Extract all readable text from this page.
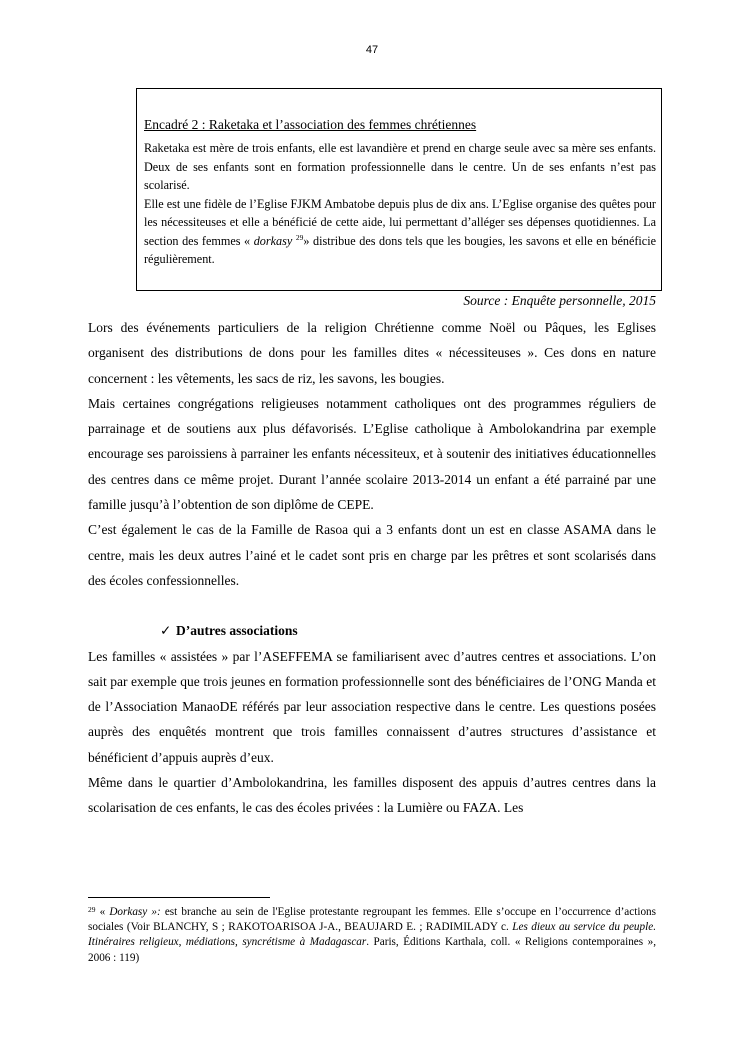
47
Encadré 2 : Raketaka et l’association des femmes chrétiennes

Raketaka est mère de trois enfants, elle est lavandière et prend en charge seule avec sa mère ses enfants. Deux de ses enfants sont en formation professionnelle dans le centre. Un de ses enfants n’est pas scolarisé.

Elle est une fidèle de l’Eglise FJKM Ambatobe depuis plus de dix ans. L’Eglise organise des quêtes pour les nécessiteuses et elle a bénéficié de cette aide, lui permettant d’alléger ses dépenses quotidiennes. La section des femmes « dorkasy $^{29}$» distribue des dons tels que les bougies, les savons et elle en bénéficie régulièrement.

Source : Enquête personnelle, 2015

Lors des événements particuliers de la religion Chrétienne comme Noël ou Pâques, les Eglises organisent des distributions de dons pour les familles dites « nécessiteuses ». Ces dons en nature concernent : les vêtements, les sacs de riz, les savons, les bougies.

Mais certaines congrégations religieuses notamment catholiques ont des programmes réguliers de parrainage et de soutiens aux plus défavorisés. L’Eglise catholique à Ambolokandrina par exemple encourage ses paroissiens à parrainer les enfants nécessiteux, et à soutenir des initiatives éducationnelles des centres dans ce même projet. Durant l’année scolaire 2013-2014 un enfant a été parrainé par une famille jusqu’à l’obtention de son diplôme de CEPE.

C’est également le cas de la Famille de Rasoa qui a 3 enfants dont un est en classe ASAMA dans le centre, mais les deux autres l’ainé et le cadet sont pris en charge par les prêtres et sont scolarisés dans des écoles confessionnelles.

✓ D’autres associations

Les familles « assistées » par l’ASEFFEMA se familiarisent avec d’autres centres et associations. L’on sait par exemple que trois jeunes en formation professionnelle sont des bénéficiaires de l’ONG Manda et de l’Association ManaoDE référés par leur association respective dans le centre. Les questions posées auprès des enquêtés montrent que trois familles connaissent d’autres structures d’assistance et bénéficient d’appuis auprès d’eux.

Même dans le quartier d’Ambolokandrina, les familles disposent des appuis d’autres centres dans la scolarisation de ces enfants, le cas des écoles privées : la Lumière ou FAZA. Les

$^{29}$ « Dorkasy »: est branche au sein de l'Eglise protestante regroupant les femmes. Elle s’occupe en l’occurrence d’actions sociales (Voir BLANCHY, S ; RAKOTOARISOA J-A., BEAUJARD E. ; RADIMILADY c. Les dieux au service du peuple. Itinéraires religieux, médiations, syncrétisme à Madagascar. Paris, Éditions Karthala, coll. « Religions contemporaines », 2006 : 119)
